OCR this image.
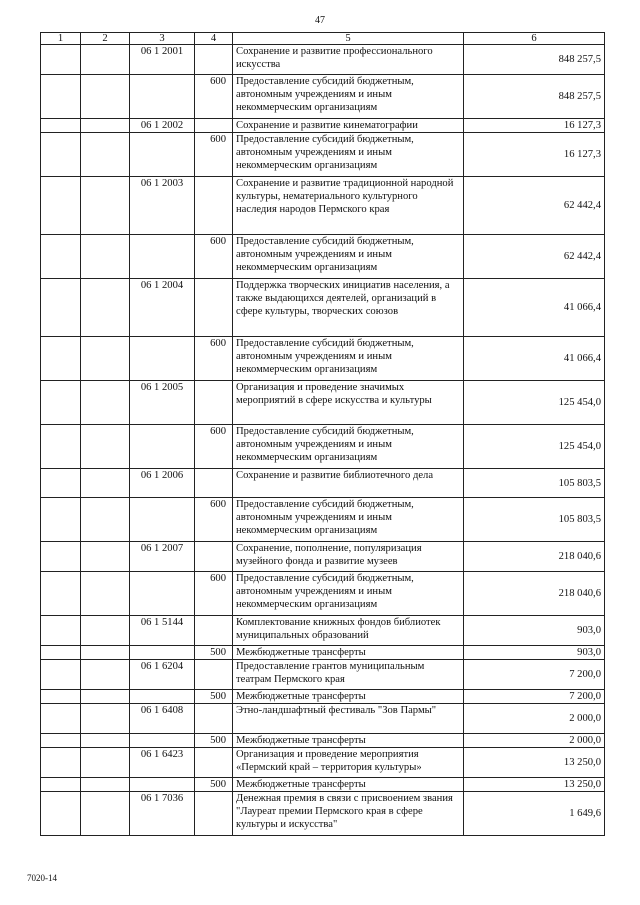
47
1	2	3	4	5	6
		06 1 2001		Сохранение и развитие профессионального искусства	848 257,5
			600	Предоставление субсидий бюджетным, автономным учреждениям и иным некоммерческим организациям	848 257,5
		06 1 2002		Сохранение и развитие кинематографии	16 127,3
			600	Предоставление субсидий бюджетным, автономным учреждениям и иным некоммерческим организациям	16 127,3
		06 1 2003		Сохранение и развитие традиционной народной культуры, нематериального культурного наследия народов Пермского края	62 442,4
			600	Предоставление субсидий бюджетным, автономным учреждениям и иным некоммерческим организациям	62 442,4
		06 1 2004		Поддержка творческих инициатив населения, а также выдающихся деятелей, организаций в сфере культуры, творческих союзов	41 066,4
			600	Предоставление субсидий бюджетным, автономным учреждениям и иным некоммерческим организациям	41 066,4
		06 1 2005		Организация и проведение значимых мероприятий в сфере искусства и культуры	125 454,0
			600	Предоставление субсидий бюджетным, автономным учреждениям и иным некоммерческим организациям	125 454,0
		06 1 2006		Сохранение и развитие библиотечного дела	105 803,5
			600	Предоставление субсидий бюджетным, автономным учреждениям и иным некоммерческим организациям	105 803,5
		06 1 2007		Сохранение, пополнение, популяризация музейного фонда и развитие музеев	218 040,6
			600	Предоставление субсидий бюджетным, автономным учреждениям и иным некоммерческим организациям	218 040,6
		06 1 5144		Комплектование книжных фондов библиотек муниципальных образований	903,0
			500	Межбюджетные трансферты	903,0
		06 1 6204		Предоставление грантов муниципальным театрам Пермского края	7 200,0
			500	Межбюджетные трансферты	7 200,0
		06 1 6408		Этно-ландшафтный фестиваль "Зов Пармы"	2 000,0
			500	Межбюджетные трансферты	2 000,0
		06 1 6423		Организация и проведение мероприятия «Пермский край – территория культуры»	13 250,0
			500	Межбюджетные трансферты	13 250,0
		06 1 7036		Денежная премия в связи с присвоением звания "Лауреат премии Пермского края в сфере культуры и искусства"	1 649,6
7020-14
